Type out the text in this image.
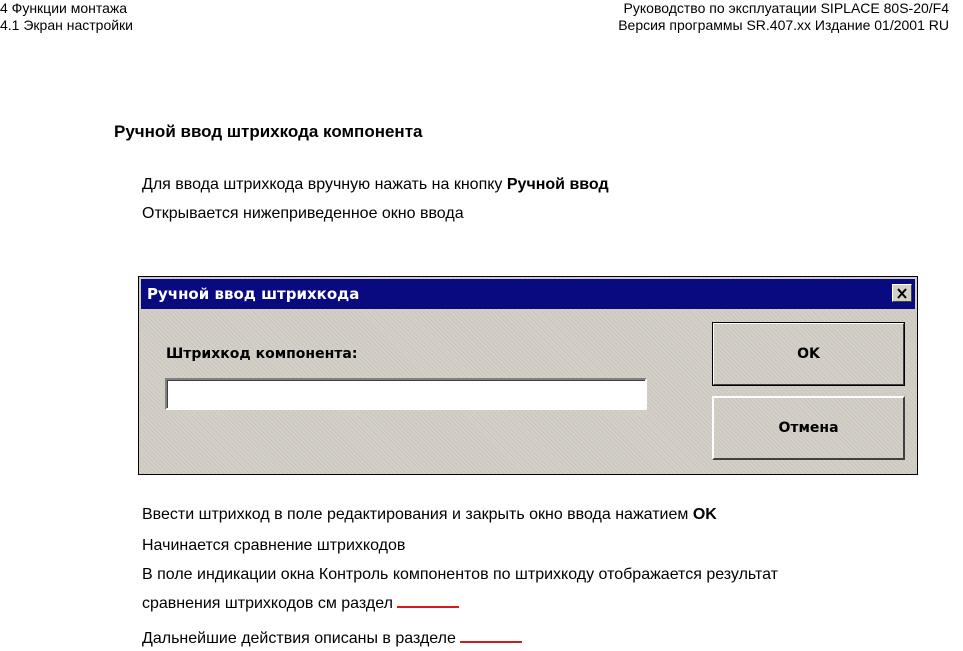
4 Функции монтажа
4.1 Экран настройки
Руководство по эксплуатации SIPLACE 80S-20/F4
Версия программы SR.407.xx Издание 01/2001 RU
Ручной ввод штрихкода компонента
Для ввода штрихкода вручную нажать на кнопку Ручной ввод
Открывается нижеприведенное окно ввода
Ручной ввод штрихкода
Штрихкод компонента:	OK
Отмена
Ввести штрихкод в поле редактирования и закрыть окно ввода нажатием OK
Начинается сравнение штрихкодов
В поле индикации окна Контроль компонентов по штрихкоду отображается результат
сравнения штрихкодов см раздел
Дальнейшие действия описаны в разделе
